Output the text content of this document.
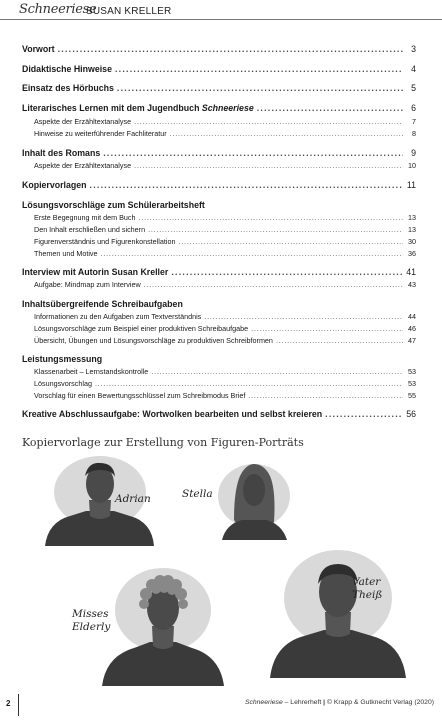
Schneeriese
SUSAN KRELLER
Vorwort . . .	3
Didaktische Hinweise . . .	4
Einsatz des Hörbuchs . . .	5
Literarisches Lernen mit dem Jugendbuch Schneeriese . . .	6
Aspekte der Erzähltextanalyse . . .	7
Hinweise zu weiterführender Fachliteratur . . .	8
Inhalt des Romans . . .	9
Aspekte der Erzähltextanalyse . . .	10
Kopiervorlagen . . .	11
Lösungsvorschläge zum Schülerarbeitsheft
Erste Begegnung mit dem Buch . . .	13
Den Inhalt erschließen und sichern . . .	13
Figurenverständnis und Figurenkonstellation . . .	30
Themen und Motive . . .	36
Interview mit Autorin Susan Kreller . . .	41
Aufgabe: Mindmap zum Interview . . .	43
Inhaltsübergreifende Schreibaufgaben
Informationen zu den Aufgaben zum Textverständnis . . .	44
Lösungsvorschläge zum Beispiel einer produktiven Schreibaufgabe . . .	46
Übersicht, Übungen und Lösungsvorschläge zu produktiven Schreibformen . . .	47
Leistungsmessung
Klassenarbeit – Lernstandskontrolle . . .	53
Lösungsvorschlag . . .	53
Vorschlag für einen Bewertungsschlüssel zum Schreibmodus Brief . . .	55
Kreative Abschlussaufgabe: Wortwolken bearbeiten und selbst kreieren . . .	56
Kopiervorlage zur Erstellung von Figuren-Porträts
Adrian	Stella
Misses Elderly
Vater Theiß
2	Schneeriese – Lehrerheft | © Krapp & Gutknecht Verlag (2020)
